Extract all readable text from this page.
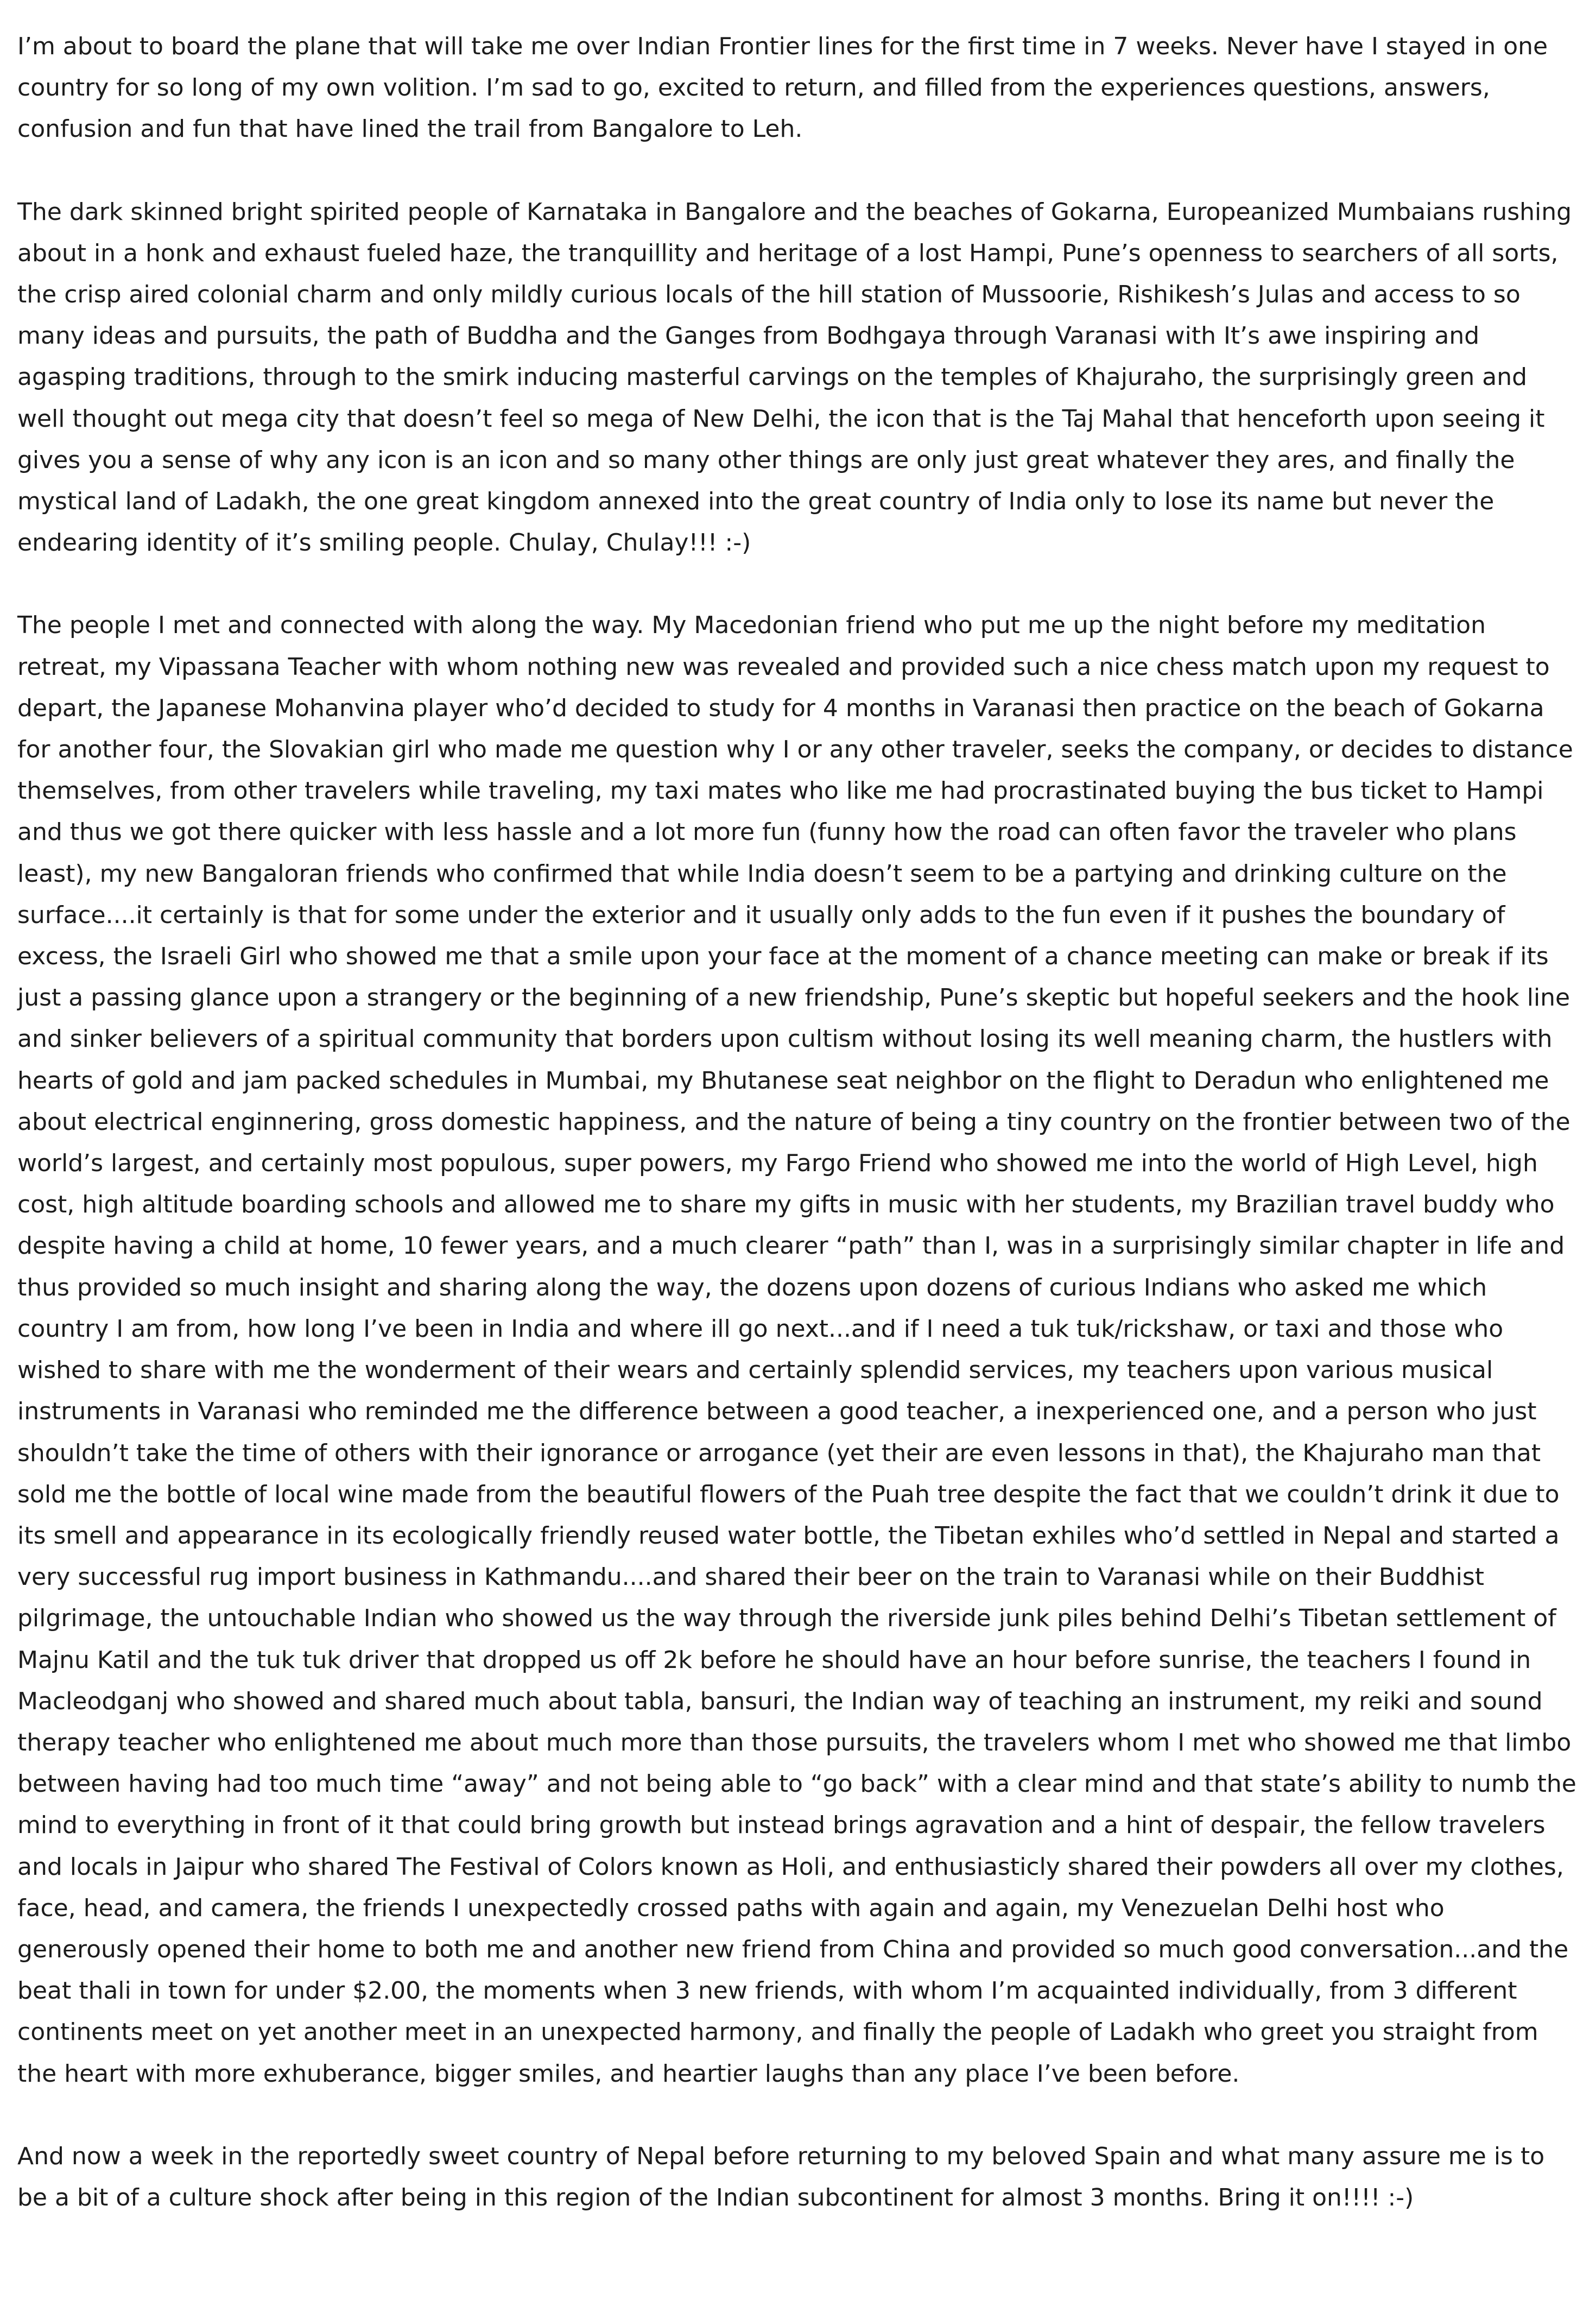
I’m about to board the plane that will take me over Indian Frontier lines for the first time in 7 weeks. Never have I stayed in one country for so long of my own volition. I’m sad to go, excited to return, and filled from the experiences questions, answers, confusion and fun that have lined the trail from Bangalore to Leh.

The dark skinned bright spirited people of Karnataka in Bangalore and the beaches of Gokarna, Europeanized Mumbaians rushing about in a honk and exhaust fueled haze, the tranquillity and heritage of a lost Hampi, Pune’s openness to searchers of all sorts, the crisp aired colonial charm and only mildly curious locals of the hill station of Mussoorie, Rishikesh’s Julas and access to so many ideas and pursuits, the path of Buddha and the Ganges from Bodhgaya through Varanasi with It’s awe inspiring and agasping traditions, through to the smirk inducing masterful carvings on the temples of Khajuraho, the surprisingly green and well thought out mega city that doesn’t feel so mega of New Delhi, the icon that is the Taj Mahal that henceforth upon seeing it gives you a sense of why any icon is an icon and so many other things are only just great whatever they ares, and finally the mystical land of Ladakh, the one great kingdom annexed into the great country of India only to lose its name but never the endearing identity of it’s smiling people. Chulay, Chulay!!! :-)

The people I met and connected with along the way. My Macedonian friend who put me up the night before my meditation retreat, my Vipassana Teacher with whom nothing new was revealed and provided such a nice chess match upon my request to depart, the Japanese Mohanvina player who’d decided to study for 4 months in Varanasi then practice on the beach of Gokarna for another four, the Slovakian girl who made me question why I or any other traveler, seeks the company, or decides to distance themselves, from other travelers while traveling, my taxi mates who like me had procrastinated buying the bus ticket to Hampi and thus we got there quicker with less hassle and a lot more fun (funny how the road can often favor the traveler who plans least), my new Bangaloran friends who confirmed that while India doesn’t seem to be a partying and drinking culture on the surface....it certainly is that for some under the exterior and it usually only adds to the fun even if it pushes the boundary of excess, the Israeli Girl who showed me that a smile upon your face at the moment of a chance meeting can make or break if its just a passing glance upon a strangery or the beginning of a new friendship, Pune’s skeptic but hopeful seekers and the hook line and sinker believers of a spiritual community that borders upon cultism without losing its well meaning charm, the hustlers with hearts of gold and jam packed schedules in Mumbai, my Bhutanese seat neighbor on the flight to Deradun who enlightened me about electrical enginnering, gross domestic happiness, and the nature of being a tiny country on the frontier between two of the world’s largest, and certainly most populous, super powers, my Fargo Friend who showed me into the world of High Level, high cost, high altitude boarding schools and allowed me to share my gifts in music with her students, my Brazilian travel buddy who despite having a child at home, 10 fewer years, and a much clearer “path” than I, was in a surprisingly similar chapter in life and thus provided so much insight and sharing along the way, the dozens upon dozens of curious Indians who asked me which country I am from, how long I’ve been in India and where ill go next...and if I need a tuk tuk/rickshaw, or taxi and those who wished to share with me the wonderment of their wears and certainly splendid services, my teachers upon various musical instruments in Varanasi who reminded me the difference between a good teacher, a inexperienced one, and a person who just shouldn’t take the time of others with their ignorance or arrogance (yet their are even lessons in that), the Khajuraho man that sold me the bottle of local wine made from the beautiful flowers of the Puah tree despite the fact that we couldn’t drink it due to its smell and appearance in its ecologically friendly reused water bottle, the Tibetan exhiles who’d settled in Nepal and started a very successful rug import business in Kathmandu....and shared their beer on the train to Varanasi while on their Buddhist pilgrimage, the untouchable Indian who showed us the way through the riverside junk piles behind Delhi’s Tibetan settlement of Majnu Katil and the tuk tuk driver that dropped us off 2k before he should have an hour before sunrise, the teachers I found in Macleodganj who showed and shared much about tabla, bansuri, the Indian way of teaching an instrument, my reiki and sound therapy teacher who enlightened me about much more than those pursuits, the travelers whom I met who showed me that limbo between having had too much time “away” and not being able to “go back” with a clear mind and that state’s ability to numb the mind to everything in front of it that could bring growth but instead brings agravation and a hint of despair, the fellow travelers and locals in Jaipur who shared The Festival of Colors known as Holi, and enthusiasticly shared their powders all over my clothes, face, head, and camera, the friends I unexpectedly crossed paths with again and again, my Venezuelan Delhi host who generously opened their home to both me and another new friend from China and provided so much good conversation...and the beat thali in town for under $2.00, the moments when 3 new friends, with whom I’m acquainted individually, from 3 different continents meet on yet another meet in an unexpected harmony, and finally the people of Ladakh who greet you straight from the heart with more exhuberance, bigger smiles, and heartier laughs than any place I’ve been before.

And now a week in the reportedly sweet country of Nepal before returning to my beloved Spain and what many assure me is to be a bit of a culture shock after being in this region of the Indian subcontinent for almost 3 months. Bring it on!!!! :-)
